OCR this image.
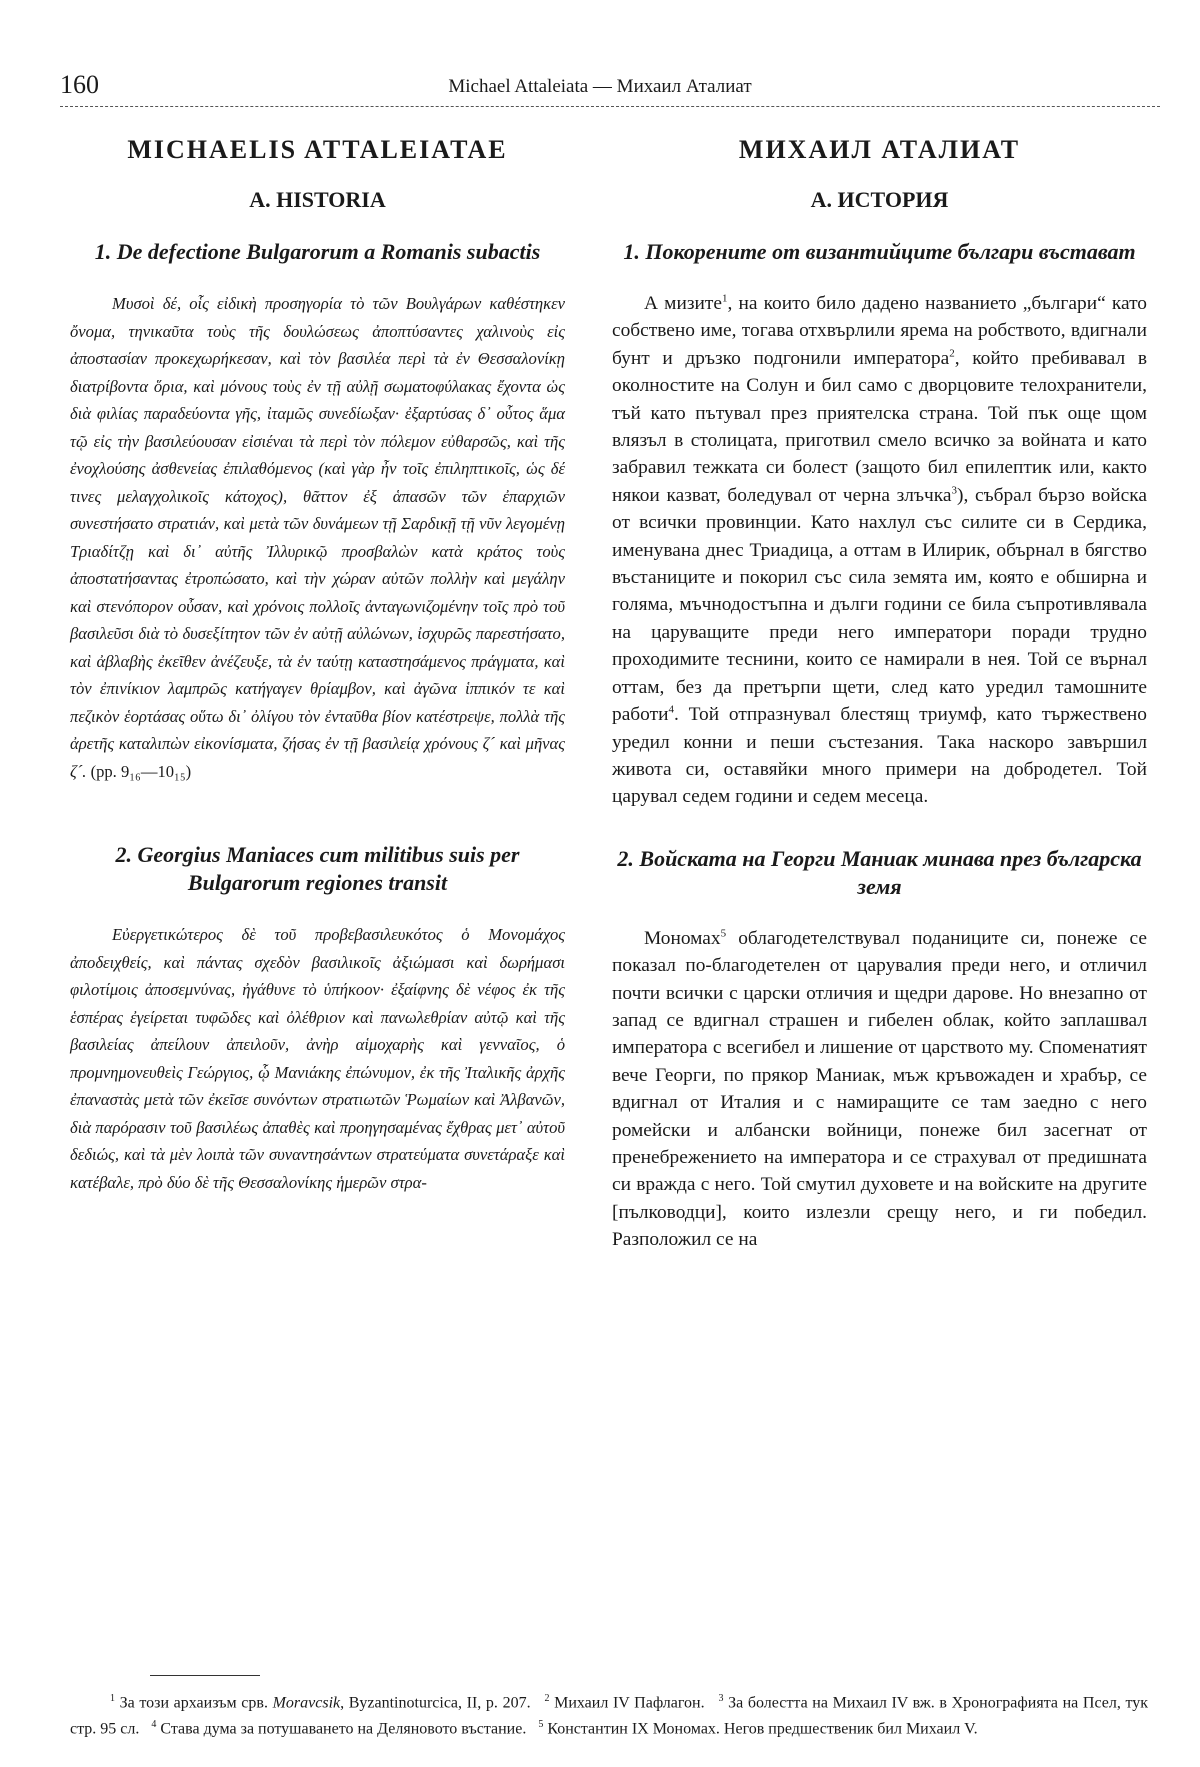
160	Michael Attaleiata — Михаил Аталиат
MICHAELIS ATTALEIATAE
A. HISTORIA
1. De defectione Bulgarorum a Romanis subactis

Μυσοὶ δέ, οἷς εἰδικὴ προσηγορία τὸ τῶν Βουλγάρων καθέστηκεν ὄνομα, τηνικαῦτα τοὺς τῆς δουλώσεως ἀποπτύσαντες χαλινοὺς εἰς ἀποστασίαν προκεχωρήκεσαν, καὶ τὸν βασιλέα περὶ τὰ ἐν Θεσσαλονίκῃ διατρίβοντα ὅρια, καὶ μόνους τοὺς ἐν τῇ αὐλῇ σωματοφύλακας ἔχοντα ὡς διὰ φιλίας παραδεύοντα γῆς, ἰταμῶς συνεδίωξαν· ἐξαρτύσας δ᾽ οὗτος ἅμα τῷ εἰς τὴν βασιλεύουσαν εἰσιέναι τὰ περὶ τὸν πόλεμον εὐθαρσῶς, καὶ τῆς ἐνοχλούσης ἀσθενείας ἐπιλαθόμενος (καὶ γὰρ ἦν τοῖς ἐπιληπτικοῖς, ὡς δέ τινες μελαγχολικοῖς κάτοχος), θᾶττον ἐξ ἁπασῶν τῶν ἐπαρχιῶν συνεστήσατο στρατιάν, καὶ μετὰ τῶν δυνάμεων τῇ Σαρδικῇ τῇ νῦν λεγομένῃ Τριαδίτζῃ καὶ δι᾽ αὐτῆς Ἰλλυρικῷ προσβαλὼν κατὰ κράτος τοὺς ἀποστατήσαντας ἐτροπώσατο, καὶ τὴν χώραν αὐτῶν πολλὴν καὶ μεγάλην καὶ στενόπορον οὖσαν, καὶ χρόνοις πολλοῖς ἀνταγωνιζομένην τοῖς πρὸ τοῦ βασιλεῦσι διὰ τὸ δυσεξίτητον τῶν ἐν αὐτῇ αὐλώνων, ἰσχυρῶς παρεστήσατο, καὶ ἀβλαβὴς ἐκεῖθεν ἀνέζευξε, τὰ ἐν ταύτῃ καταστησάμενος πράγματα, καὶ τὸν ἐπινίκιον λαμπρῶς κατήγαγεν θρίαμβον, καὶ ἀγῶνα ἱππικόν τε καὶ πεζικὸν ἑορτάσας οὕτω δι᾽ ὀλίγου τὸν ἐνταῦθα βίον κατέστρεψε, πολλὰ τῆς ἀρετῆς καταλιπὼν εἰκονίσματα, ζήσας ἐν τῇ βασιλείᾳ χρόνους ζ´ καὶ μῆνας ζ´. (pp. 9₁₆—10₁₅)

2. Georgius Maniaces cum militibus suis per Bulgarorum regiones transit

Εὐεργετικώτερος δὲ τοῦ προβεβασιλευκότος ὁ Μονομάχος ἀποδειχθείς, καὶ πάντας σχεδὸν βασιλικοῖς ἀξιώμασι καὶ δωρήμασι φιλοτίμοις ἀποσεμνύνας, ἠγάθυνε τὸ ὑπήκοον· ἐξαίφνης δὲ νέφος ἐκ τῆς ἑσπέρας ἐγείρεται τυφῶδες καὶ ὀλέθριον καὶ πανωλεθρίαν αὐτῷ καὶ τῆς βασιλείας ἀπείλουν ἀπειλοῦν, ἀνὴρ αἱμοχαρὴς καὶ γενναῖος, ὁ προμνημονευθεὶς Γεώργιος, ᾧ Μανιάκης ἐπώνυμον, ἐκ τῆς Ἰταλικῆς ἀρχῆς ἐπαναστὰς μετὰ τῶν ἐκεῖσε συνόντων στρατιωτῶν Ῥωμαίων καὶ Ἀλβανῶν, διὰ παρόρασιν τοῦ βασιλέως ἀπαθὲς καὶ προηγησαμένας ἔχθρας μετ᾽ αὐτοῦ δεδιώς, καὶ τὰ μὲν λοιπὰ τῶν συναντησάντων στρατεύματα συνετάραξε καὶ κατέβαλε, πρὸ δύο δὲ τῆς Θεσσαλονίκης ἡμερῶν στρα-

МИХАИЛ АТАЛИАТ
А. ИСТОРИЯ
1. Покорените от византийците българи въстават

А мизите$^1$, на които било дадено названието „българи“ като собствено име, тогава отхвърлили ярема на робството, вдигнали бунт и дръзко подгонили императора$^2$, който пребивавал в околностите на Солун и бил само с дворцовите телохранители, тъй като пътувал през приятелска страна. Той пък още щом влязъл в столицата, приготвил смело всичко за войната и като забравил тежката си болест (защото бил епилептик или, както някои казват, боледувал от черна злъчка$^3$), събрал бързо войска от всички провинции. Като нахлул със силите си в Сердика, именувана днес Триадица, а оттам в Илирик, обърнал в бягство въстаниците и покорил със сила земята им, която е обширна и голяма, мъчнодостъпна и дълги години се била съпротивлявала на царуващите преди него императори поради трудно проходимите теснини, които се намирали в нея. Той се върнал оттам, без да претърпи щети, след като уредил тамошните работи$^4$. Той отпразнувал блестящ триумф, като тържествено уредил конни и пеши състезания. Така наскоро завършил живота си, оставяйки много примери на добродетел. Той царувал седем години и седем месеца.

2. Войската на Георги Маниак минава през българска земя

Мономах$^5$ облагодетелствувал поданиците си, понеже се показал по-благодетелен от царувалия преди него, и отличил почти всички с царски отличия и щедри дарове. Но внезапно от запад се вдигнал страшен и гибелен облак, който заплашвал императора с всегибел и лишение от царството му. Споменатият вече Георги, по прякор Маниак, мъж кръвожаден и храбър, се вдигнал от Италия и с намиращите се там заедно с него ромейски и албански войници, понеже бил засегнат от пренебрежението на императора и се страхувал от предишната си вражда с него. Той смутил духовете и на войските на другите [пълководци], които излезли срещу него, и ги победил. Разположил се на

$^1$ За този архаизъм срв. Moravcsik, Byzantinoturcica, II, p. 207. $^2$ Михаил IV Пафлагон. $^3$ За болестта на Михаил IV вж. в Хронографията на Псел, тук стр. 95 сл. $^4$ Става дума за потушаването на Деляновото въстание. $^5$ Константин IX Мономах. Негов предшественик бил Михаил V.
